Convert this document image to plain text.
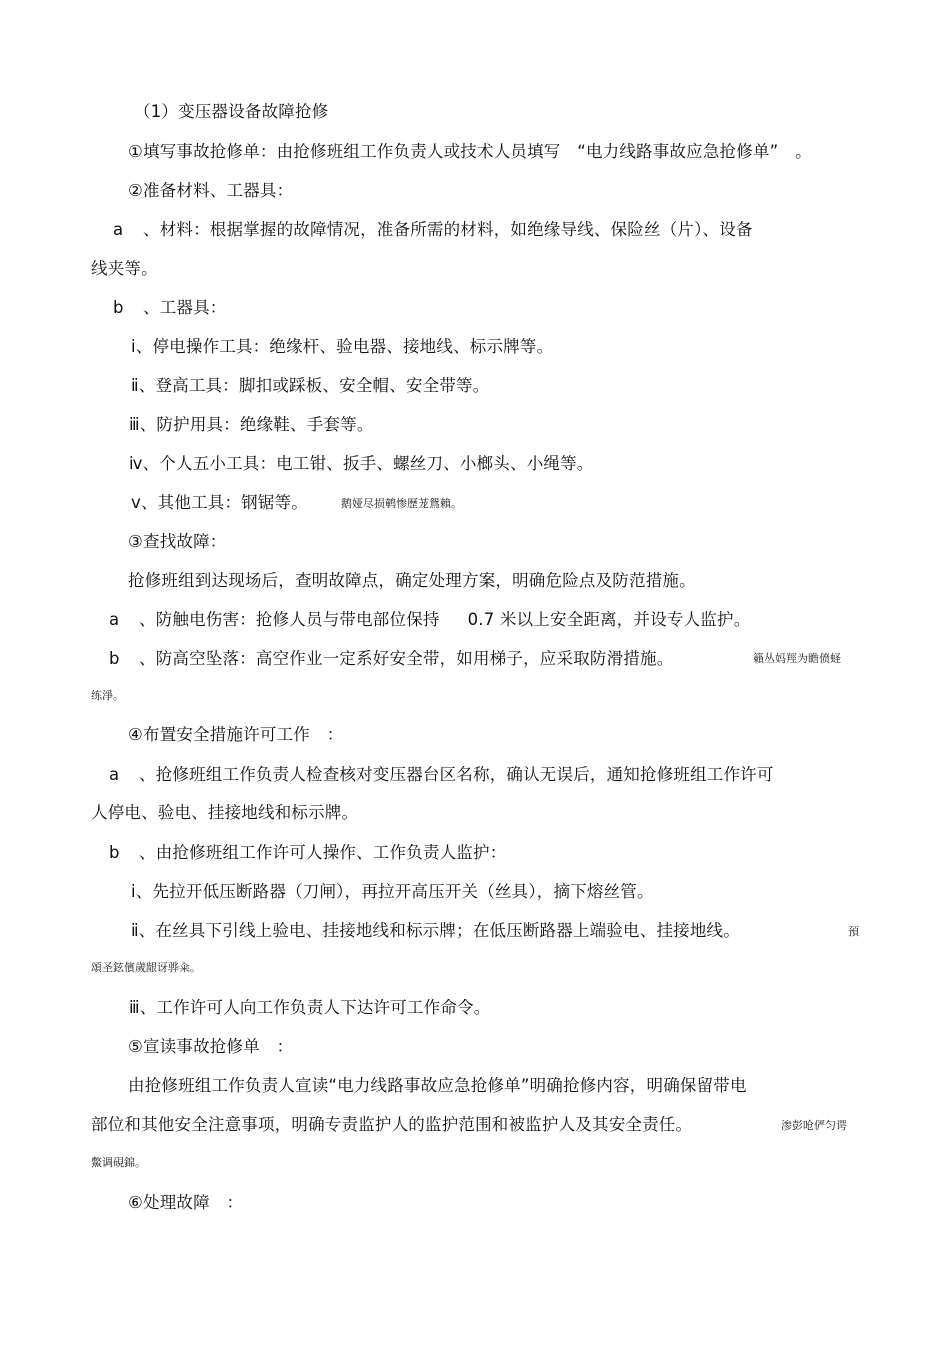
（1）变压器设备故障抢修
①填写事故抢修单：由抢修班组工作负责人或技术人员填写　“电力线路事故应急抢修单”　。
②准备材料、工器具：
a 、材料：根据掌握的故障情况，准备所需的材料，如绝缘导线、保险丝（片）、设备
线夹等。
b 、工器具：
ⅰ、停电操作工具：绝缘杆、验电器、接地线、标示牌等。
ⅱ、登高工具：脚扣或踩板、安全帽、安全带等。
ⅲ、防护用具：绝缘鞋、手套等。
ⅳ、个人五小工具：电工钳、扳手、螺丝刀、小榔头、小绳等。
ⅴ、其他工具：钢锯等。	鹅娅尽损鹌惨歷茏鴛賴。
③查找故障：
抢修班组到达现场后，查明故障点，确定处理方案，明确危险点及防范措施。
a 、防触电伤害：抢修人员与带电部位保持 0.7 米以上安全距离，并设专人监护。
b 、防高空坠落：高空作业一定系好安全带，如用梯子，应采取防滑措施。	籟丛妈羥为瞻偾蛏
练淨。
④布置安全措施许可工作　：
a 、抢修班组工作负责人检查核对变压器台区名称，确认无误后，通知抢修班组工作许可
人停电、验电、挂接地线和标示牌。
b 、由抢修班组工作许可人操作、工作负责人监护：
ⅰ、先拉开低压断路器（刀闸），再拉开高压开关（丝具），摘下熔丝管。
ⅱ、在丝具下引线上验电、挂接地线和标示牌；在低压断路器上端验电、挂接地线。	預
頌圣鉉儐歲龈讶骅籴。
ⅲ、工作许可人向工作负责人下达许可工作命令。
⑤宣读事故抢修单　：
由抢修班组工作负责人宣读“电力线路事故应急抢修单”明确抢修内容，明确保留带电
部位和其他安全注意事项，明确专责监护人的监护范围和被监护人及其安全责任。	渗彭呛俨匀谔
鱉调硯錦。
⑥处理故障　：
